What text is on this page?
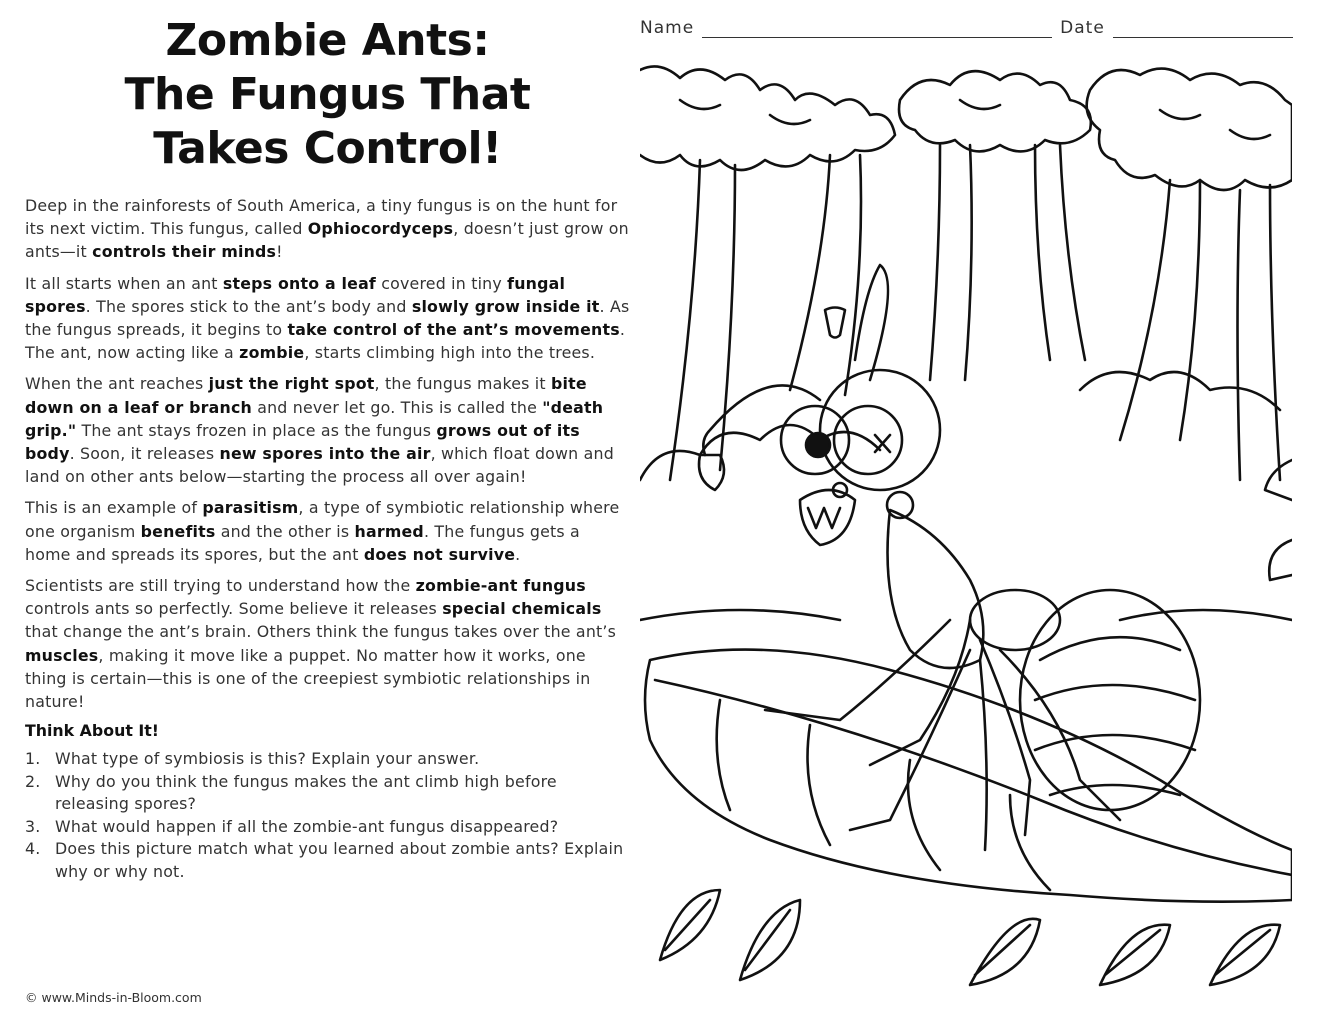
Zombie Ants:
The Fungus That
Takes Control!

Deep in the rainforests of South America, a tiny fungus is on the hunt for its next victim. This fungus, called Ophiocordyceps, doesn’t just grow on ants—it controls their minds!

It all starts when an ant steps onto a leaf covered in tiny fungal spores. The spores stick to the ant’s body and slowly grow inside it. As the fungus spreads, it begins to take control of the ant’s movements. The ant, now acting like a zombie, starts climbing high into the trees.

When the ant reaches just the right spot, the fungus makes it bite down on a leaf or branch and never let go. This is called the "death grip." The ant stays frozen in place as the fungus grows out of its body. Soon, it releases new spores into the air, which float down and land on other ants below—starting the process all over again!

This is an example of parasitism, a type of symbiotic relationship where one organism benefits and the other is harmed. The fungus gets a home and spreads its spores, but the ant does not survive.

Scientists are still trying to understand how the zombie-ant fungus controls ants so perfectly. Some believe it releases special chemicals that change the ant’s brain. Others think the fungus takes over the ant’s muscles, making it move like a puppet. No matter how it works, one thing is certain—this is one of the creepiest symbiotic relationships in nature!

Think About It!
1. What type of symbiosis is this? Explain your answer.
2. Why do you think the fungus makes the ant climb high before releasing spores?
3. What would happen if all the zombie-ant fungus disappeared?
4. Does this picture match what you learned about zombie ants? Explain why or why not.
© www.Minds-in-Bloom.com
Name	Date
